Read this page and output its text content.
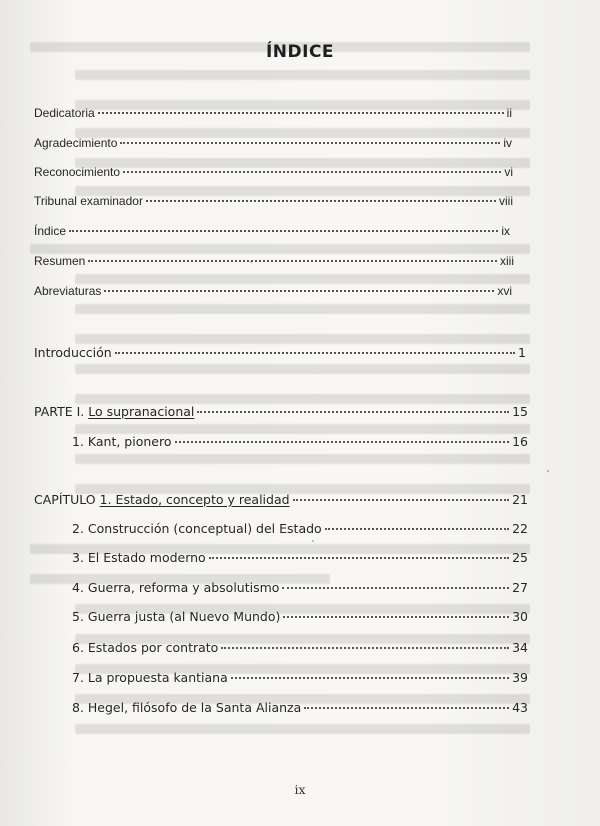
ÍNDICE
Dedicatoria	ii
Agradecimiento	iv
Reconocimiento	vi
Tribunal examinador	viii
Índice	ix
Resumen	xiii
Abreviaturas	xvi
Introducción	1
PARTE I. Lo supranacional	15
1. Kant, pionero	16
CAPÍTULO 1. Estado, concepto y realidad	21
2. Construcción (conceptual) del Estado	22
3. El Estado moderno	25
4. Guerra, reforma y absolutismo	27
5. Guerra justa (al Nuevo Mundo)	30
6. Estados por contrato	34
7. La propuesta kantiana	39
8. Hegel, filósofo de la Santa Alianza	43
ix
